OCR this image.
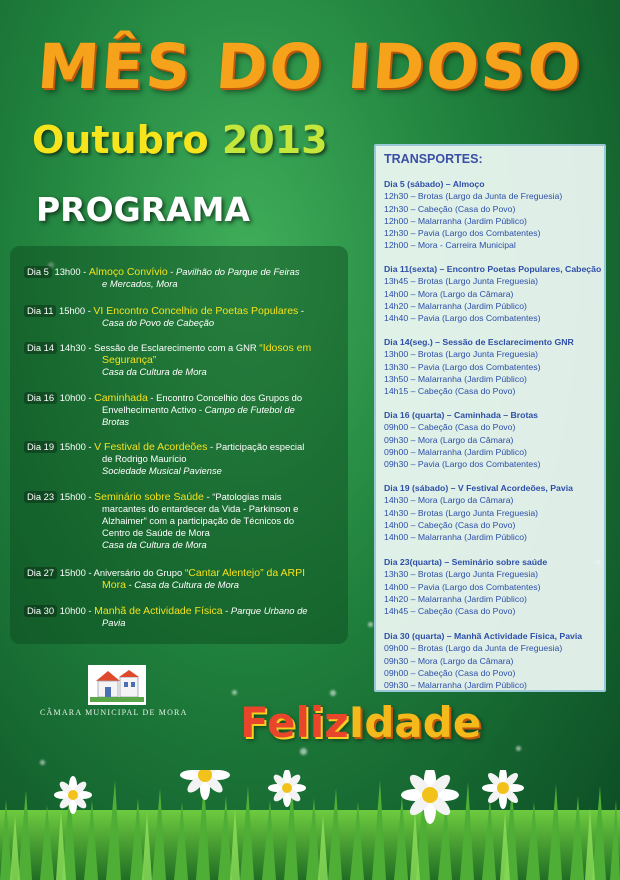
MÊS DO IDOSO
Outubro 2013
PROGRAMA
Dia 5 13h00 - Almoço Convívio - Pavilhão do Parque de Feiras
e Mercados, Mora
Dia 11 15h00 - VI Encontro Concelhio de Poetas Populares -
Casa do Povo de Cabeção
Dia 14 14h30 - Sessão de Esclarecimento com a GNR “Idosos em
Segurança”
Casa da Cultura de Mora
Dia 16 10h00 - Caminhada - Encontro Concelhio dos Grupos do
Envelhecimento Activo - Campo de Futebol de
Brotas
Dia 19 15h00 - V Festival de Acordeões - Participação especial
de Rodrigo Maurício
Sociedade Musical Paviense
Dia 23 15h00 - Seminário sobre Saúde - “Patologias mais
marcantes do entardecer da Vida - Parkinson e
Alzhaimer” com a participação de Técnicos do
Centro de Saúde de Mora
Casa da Cultura de Mora
Dia 27 15h00 - Aniversário do Grupo “Cantar Alentejo” da ARPI
Mora - Casa da Cultura de Mora
Dia 30 10h00 - Manhã de Actividade Física - Parque Urbano de
Pavia
TRANSPORTES:
Dia 5 (sábado) – Almoço
12h30 – Brotas (Largo da Junta de Freguesia)
12h30 – Cabeção (Casa do Povo)
12h00 – Malarranha (Jardim Público)
12h30 – Pavia (Largo dos Combatentes)
12h00 – Mora - Carreira Municipal
Dia 11(sexta) – Encontro Poetas Populares, Cabeção
13h45 – Brotas (Largo Junta Freguesia)
14h00 – Mora (Largo da Câmara)
14h20 – Malarranha (Jardim Público)
14h40 – Pavia (Largo dos Combatentes)
Dia 14(seg.) – Sessão de Esclarecimento GNR
13h00 – Brotas (Largo Junta Freguesia)
13h30 – Pavia (Largo dos Combatentes)
13h50 – Malarranha (Jardim Público)
14h15 – Cabeção (Casa do Povo)
Dia 16 (quarta) – Caminhada – Brotas
09h00 – Cabeção (Casa do Povo)
09h30 – Mora (Largo da Câmara)
09h00 – Malarranha (Jardim Público)
09h30 – Pavia (Largo dos Combatentes)
Dia 19 (sábado) – V Festival Acordeões, Pavia
14h30 – Mora (Largo da Câmara)
14h30 – Brotas (Largo Junta Freguesia)
14h00 – Cabeção (Casa do Povo)
14h00 – Malarranha (Jardim Público)
Dia 23(quarta) – Seminário sobre saúde
13h30 – Brotas (Largo Junta Freguesia)
14h00 – Pavia (Largo dos Combatentes)
14h20 – Malarranha (Jardim Público)
14h45 – Cabeção (Casa do Povo)
Dia 30 (quarta) – Manhã Actividade Física, Pavia
09h00 – Brotas (Largo da Junta de Freguesia)
09h30 – Mora (Largo da Câmara)
09h00 – Cabeção (Casa do Povo)
09h30 – Malarranha (Jardim Público)
CÂMARA MUNICIPAL DE MORA FelizIdade
